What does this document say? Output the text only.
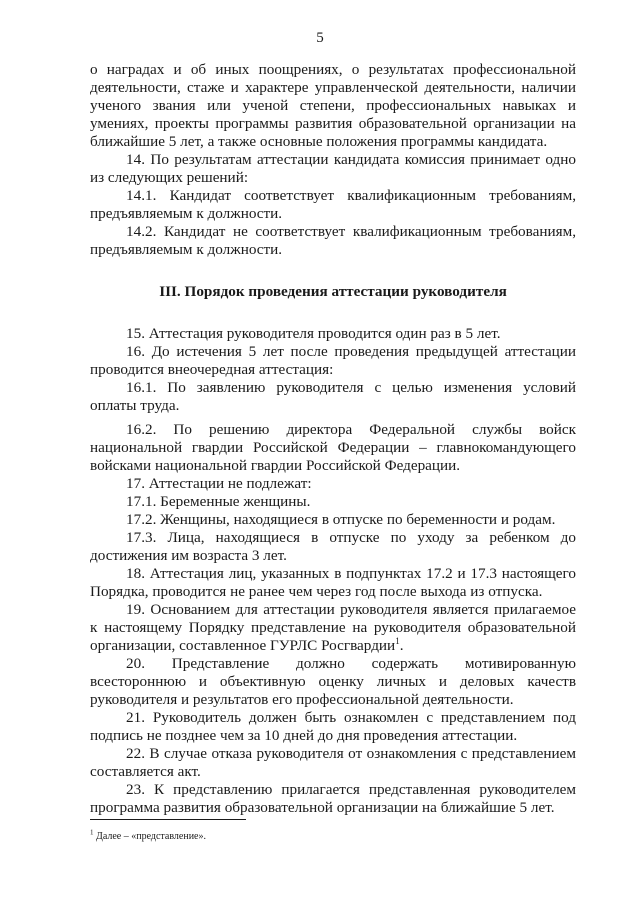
5

о наградах и об иных поощрениях, о результатах профессиональной деятельности, стаже и характере управленческой деятельности, наличии ученого звания или ученой степени, профессиональных навыках и умениях, проекты программы развития образовательной организации на ближайшие 5 лет, а также основные положения программы кандидата.

14. По результатам аттестации кандидата комиссия принимает одно из следующих решений:

14.1. Кандидат соответствует квалификационным требованиям, предъявляемым к должности.

14.2. Кандидат не соответствует квалификационным требованиям, предъявляемым к должности.

III. Порядок проведения аттестации руководителя

15. Аттестация руководителя проводится один раз в 5 лет.

16. До истечения 5 лет после проведения предыдущей аттестации проводится внеочередная аттестация:

16.1. По заявлению руководителя с целью изменения условий оплаты труда.

16.2. По решению директора Федеральной службы войск национальной гвардии Российской Федерации – главнокомандующего войсками национальной гвардии Российской Федерации.

17. Аттестации не подлежат:

17.1. Беременные женщины.

17.2. Женщины, находящиеся в отпуске по беременности и родам.

17.3. Лица, находящиеся в отпуске по уходу за ребенком до достижения им возраста 3 лет.

18. Аттестация лиц, указанных в подпунктах 17.2 и 17.3 настоящего Порядка, проводится не ранее чем через год после выхода из отпуска.

19. Основанием для аттестации руководителя является прилагаемое к настоящему Порядку представление на руководителя образовательной организации, составленное ГУРЛС Росгвардии$^1$.

20. Представление должно содержать мотивированную всестороннюю и объективную оценку личных и деловых качеств руководителя и результатов его профессиональной деятельности.

21. Руководитель должен быть ознакомлен с представлением под подпись не позднее чем за 10 дней до дня проведения аттестации.

22. В случае отказа руководителя от ознакомления с представлением составляется акт.

23. К представлению прилагается представленная руководителем программа развития образовательной организации на ближайшие 5 лет.

$^1$ Далее – «представление».
